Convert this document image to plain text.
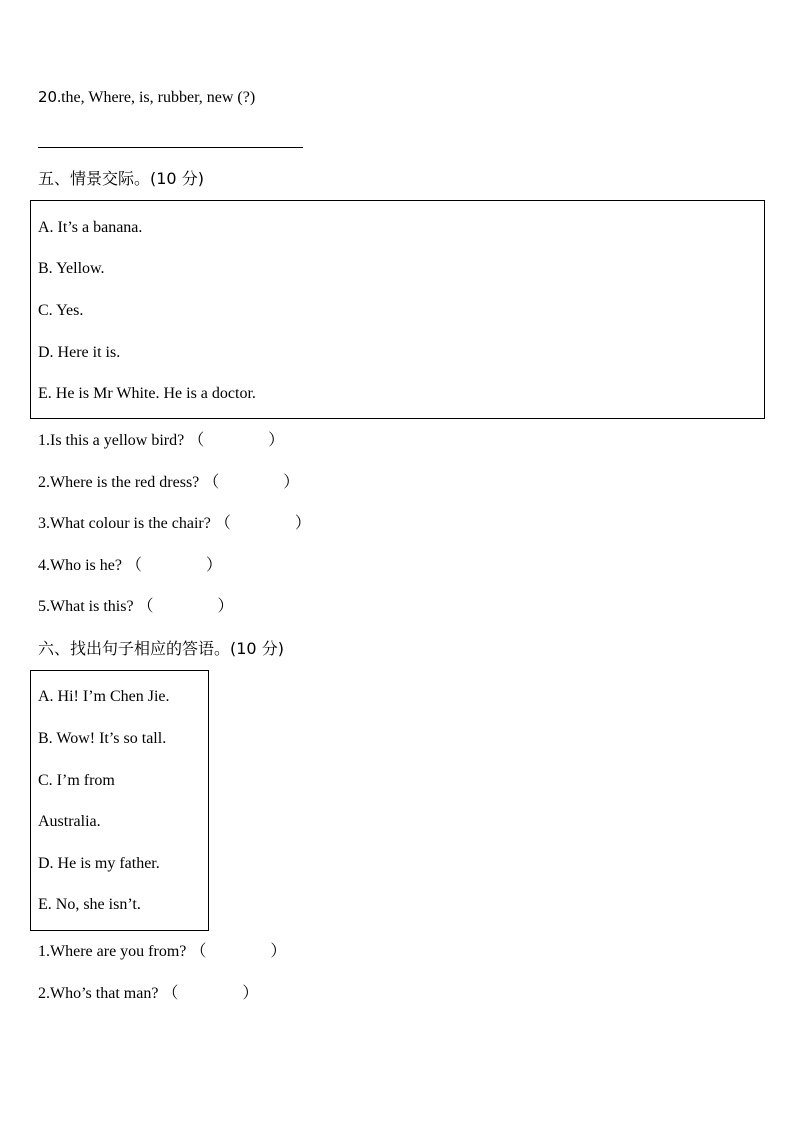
20.the, Where, is, rubber, new (?)
五、情景交际。(10 分)
A. It’s a banana.
B. Yellow.
C. Yes.
D. Here it is.
E. He is Mr White. He is a doctor.
1.Is this a yellow bird? （　　　　）
2.Where is the red dress? （　　　　）
3.What colour is the chair? （　　　　）
4.Who is he? （　　　　）
5.What is this? （　　　　）
六、找出句子相应的答语。(10 分)
A. Hi! I’m Chen Jie.
B. Wow! It’s so tall.
C. I’m from
Australia.
D. He is my father.
E. No, she isn’t.
1.Where are you from? （　　　　）
2.Who’s that man? （　　　　）
